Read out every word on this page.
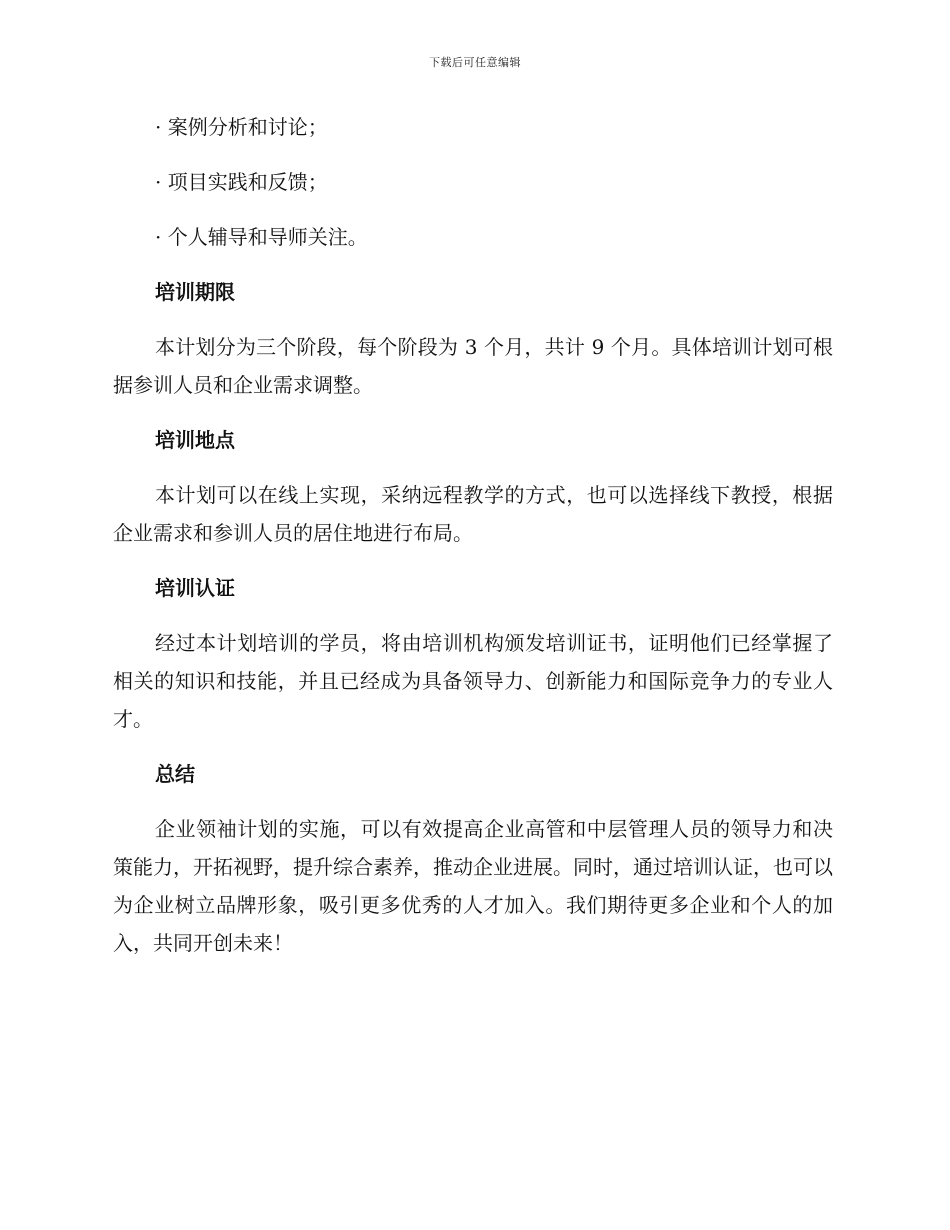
下载后可任意编辑
· 案例分析和讨论；
· 项目实践和反馈；
· 个人辅导和导师关注。
培训期限
本计划分为三个阶段，每个阶段为 3 个月，共计 9 个月。具体培训计划可根据参训人员和企业需求调整。
培训地点
本计划可以在线上实现，采纳远程教学的方式，也可以选择线下教授，根据企业需求和参训人员的居住地进行布局。
培训认证
经过本计划培训的学员，将由培训机构颁发培训证书，证明他们已经掌握了相关的知识和技能，并且已经成为具备领导力、创新能力和国际竞争力的专业人才。
总结
企业领袖计划的实施，可以有效提高企业高管和中层管理人员的领导力和决策能力，开拓视野，提升综合素养，推动企业进展。同时，通过培训认证，也可以为企业树立品牌形象，吸引更多优秀的人才加入。我们期待更多企业和个人的加入，共同开创未来！
